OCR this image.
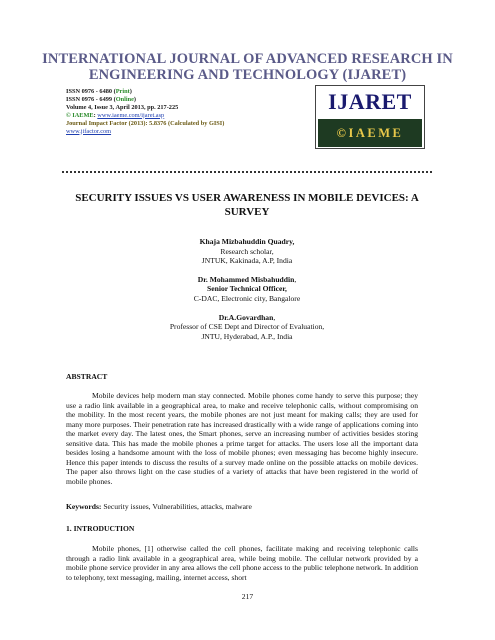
INTERNATIONAL JOURNAL OF ADVANCED RESEARCH IN
ENGINEERING AND TECHNOLOGY (IJARET)
ISSN 0976 - 6480 (Print)
ISSN 0976 - 6499 (Online)
Volume 4, Issue 3, April 2013, pp. 217-225
© IAEME: www.iaeme.com/ijaret.asp
Journal Impact Factor (2013): 5.8376 (Calculated by GISI)
www.jifactor.com
IJARET
©IAEME
SECURITY ISSUES VS USER AWARENESS IN MOBILE DEVICES: A
SURVEY
Khaja Mizbahuddin Quadry,
Research scholar,
JNTUK, Kakinada, A.P, India
Dr. Mohammed Misbahuddin,
Senior Technical Officer,
C-DAC, Electronic city, Bangalore
Dr.A.Govardhan,
Professor of CSE Dept and Director of Evaluation,
JNTU, Hyderabad, A.P., India
ABSTRACT
Mobile devices help modern man stay connected. Mobile phones come handy to serve this purpose; they use a radio link available in a geographical area, to make and receive telephonic calls, without compromising on the mobility. In the most recent years, the mobile phones are not just meant for making calls; they are used for many more purposes. Their penetration rate has increased drastically with a wide range of applications coming into the market every day. The latest ones, the Smart phones, serve an increasing number of activities besides storing sensitive data. This has made the mobile phones a prime target for attacks. The users lose all the important data besides losing a handsome amount with the loss of mobile phones; even messaging has become highly insecure. Hence this paper intends to discuss the results of a survey made online on the possible attacks on mobile devices. The paper also throws light on the case studies of a variety of attacks that have been registered in the world of mobile phones.
Keywords: Security issues, Vulnerabilities, attacks, malware
1. INTRODUCTION
Mobile phones, [1] otherwise called the cell phones, facilitate making and receiving telephonic calls through a radio link available in a geographical area, while being mobile. The cellular network provided by a mobile phone service provider in any area allows the cell phone access to the public telephone network. In addition to telephony, text messaging, mailing, internet access, short
217
